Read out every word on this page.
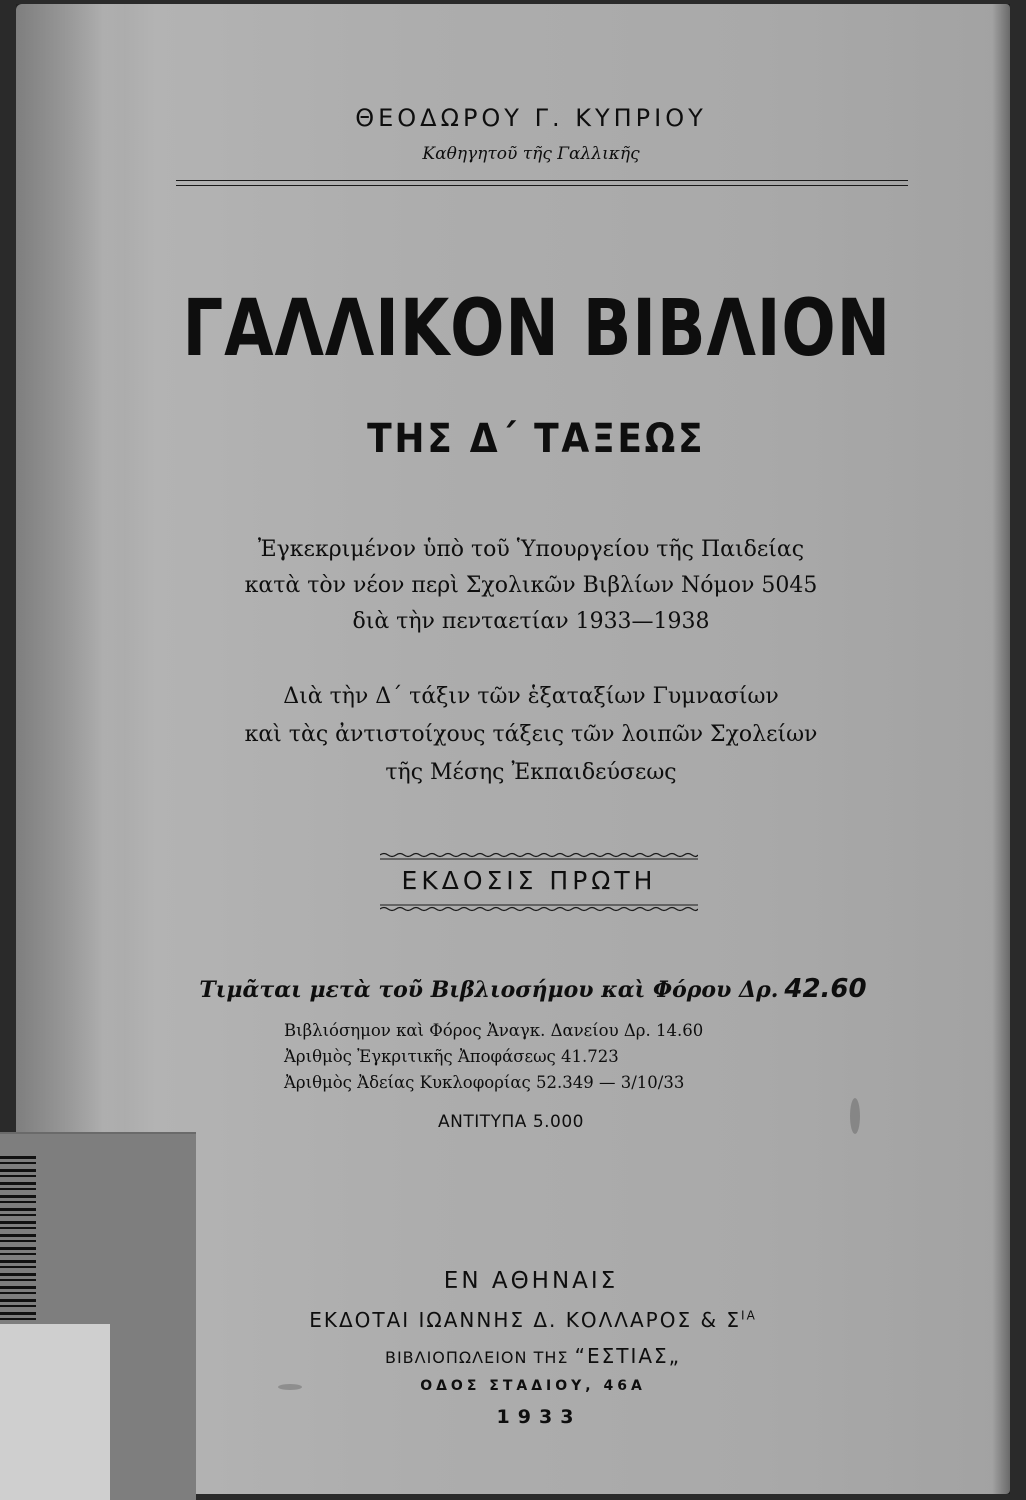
ΘΕΟΔΩΡΟΥ Γ. ΚΥΠΡΙΟΥ
Καθηγητοῦ τῆς Γαλλικῆς
ΓΑΛΛΙΚΟΝ ΒΙΒΛΙΟΝ
ΤΗΣ Δ΄ ΤΑΞΕΩΣ
Ἐγκεκριμένον ὑπὸ τοῦ Ὑπουργείου τῆς Παιδείας
κατὰ τὸν νέον περὶ Σχολικῶν Βιβλίων Νόμον 5045
διὰ τὴν πενταετίαν 1933—1938
Διὰ τὴν Δ΄ τάξιν τῶν ἑξαταξίων Γυμνασίων
καὶ τὰς ἀντιστοίχους τάξεις τῶν λοιπῶν Σχολείων
τῆς Μέσης Ἐκπαιδεύσεως
ΕΚΔΟΣΙΣ ΠΡΩΤΗ
Τιμᾶται μετὰ τοῦ Βιβλιοσήμου καὶ Φόρου Δρ. 42.60
Βιβλιόσημον καὶ Φόρος Ἀναγκ. Δανείου Δρ. 14.60
Ἀριθμὸς Ἐγκριτικῆς Ἀποφάσεως 41.723
Ἀριθμὸς Ἀδείας Κυκλοφορίας 52.349 — 3/10/33
ΑΝΤΙΤΥΠΑ 5.000
ΕΝ ΑΘΗΝΑΙΣ
ΕΚΔΟΤΑΙ ΙΩΑΝΝΗΣ Δ. ΚΟΛΛΑΡΟΣ & $\Sigma^{IA}$
ΒΙΒΛΙΟΠΩΛΕΙΟΝ ΤΗΣ “ΕΣΤΙΑΣ„
ΟΔΟΣ ΣΤΑΔΙΟΥ, 46Α
1933
